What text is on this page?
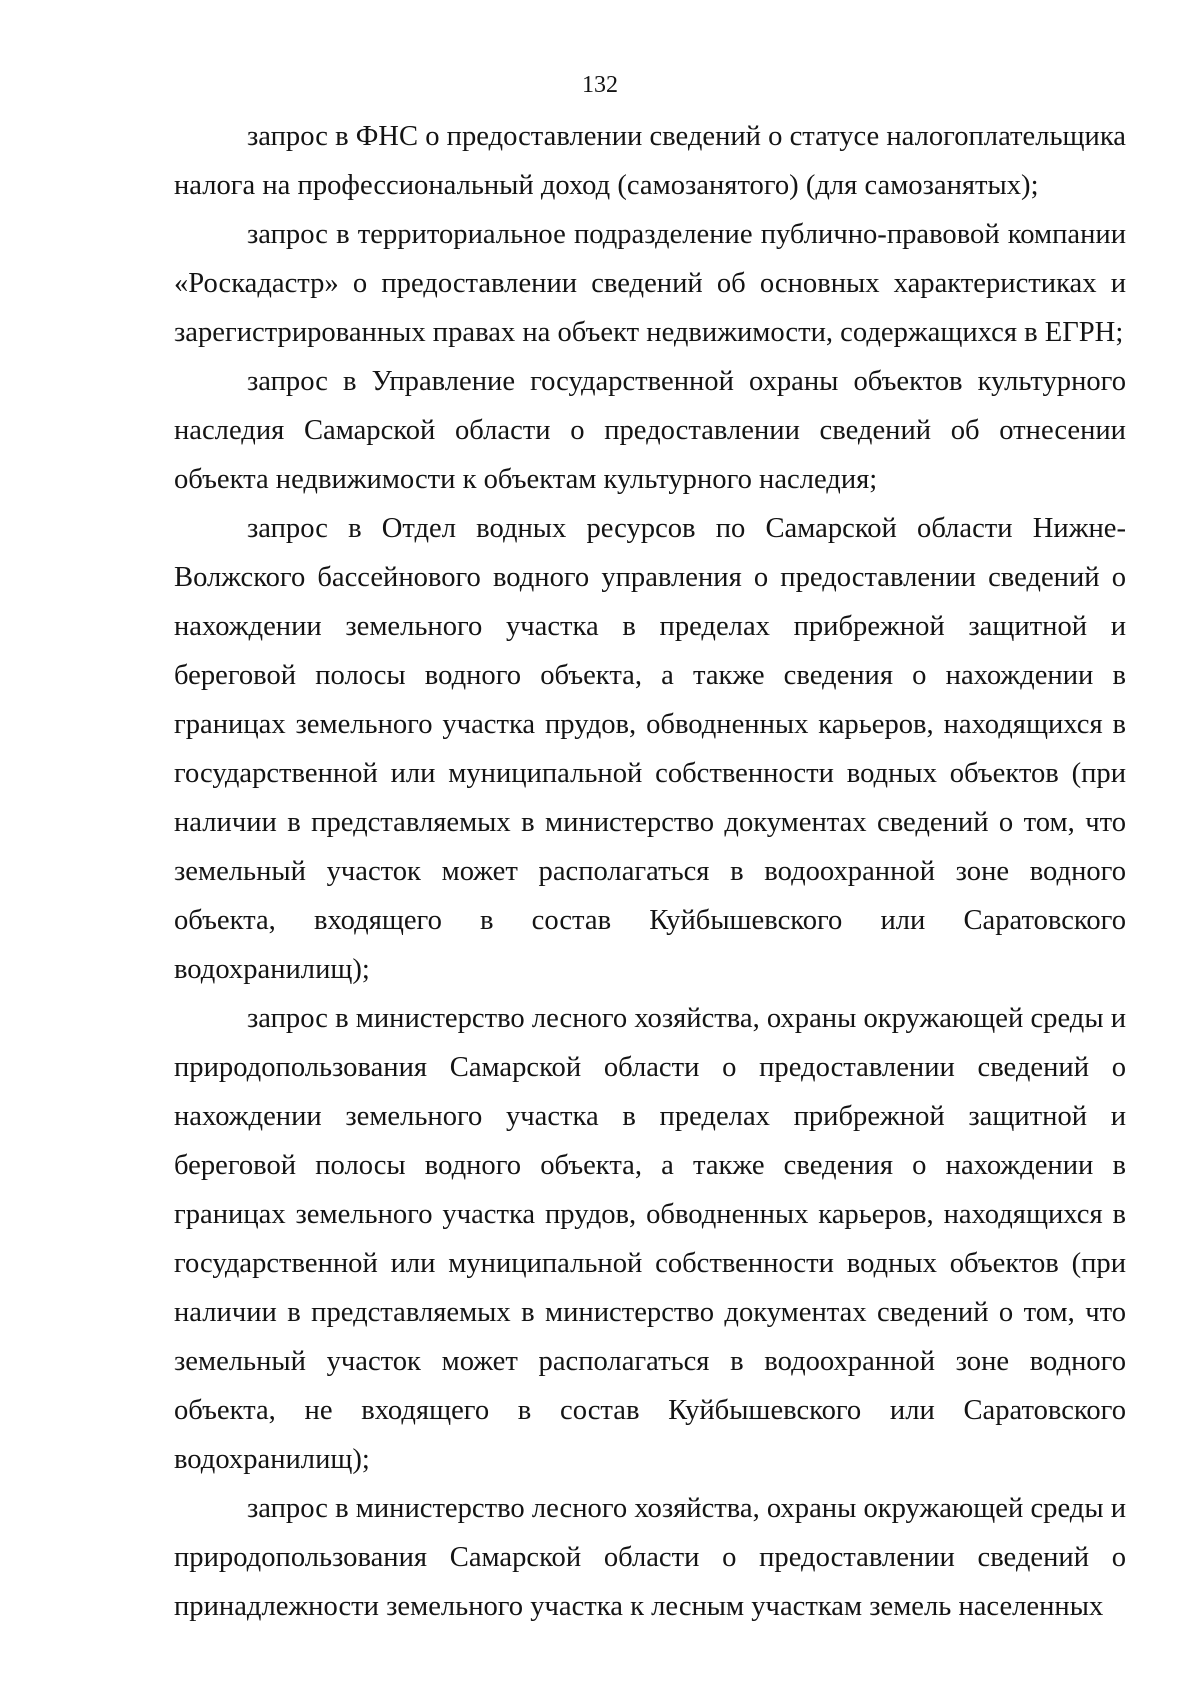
132

запрос в ФНС о предоставлении сведений о статусе налогоплательщика налога на профессиональный доход (самозанятого) (для самозанятых);

запрос в территориальное подразделение публично-правовой компании «Роскадастр» о предоставлении сведений об основных характеристиках и зарегистрированных правах на объект недвижимости, содержащихся в ЕГРН;

запрос в Управление государственной охраны объектов культурного наследия Самарской области о предоставлении сведений об отнесении объекта недвижимости к объектам культурного наследия;

запрос в Отдел водных ресурсов по Самарской области Нижне-Волжского бассейнового водного управления о предоставлении сведений о нахождении земельного участка в пределах прибрежной защитной и береговой полосы водного объекта, а также сведения о нахождении в границах земельного участка прудов, обводненных карьеров, находящихся в государственной или муниципальной собственности водных объектов (при наличии в представляемых в министерство документах сведений о том, что земельный участок может располагаться в водоохранной зоне водного объекта, входящего в состав Куйбышевского или Саратовского водохранилищ);

запрос в министерство лесного хозяйства, охраны окружающей среды и природопользования Самарской области о предоставлении сведений о нахождении земельного участка в пределах прибрежной защитной и береговой полосы водного объекта, а также сведения о нахождении в границах земельного участка прудов, обводненных карьеров, находящихся в государственной или муниципальной собственности водных объектов (при наличии в представляемых в министерство документах сведений о том, что земельный участок может располагаться в водоохранной зоне водного объекта, не входящего в состав Куйбышевского или Саратовского водохранилищ);

запрос в министерство лесного хозяйства, охраны окружающей среды и природопользования Самарской области о предоставлении сведений о принадлежности земельного участка к лесным участкам земель населенных
